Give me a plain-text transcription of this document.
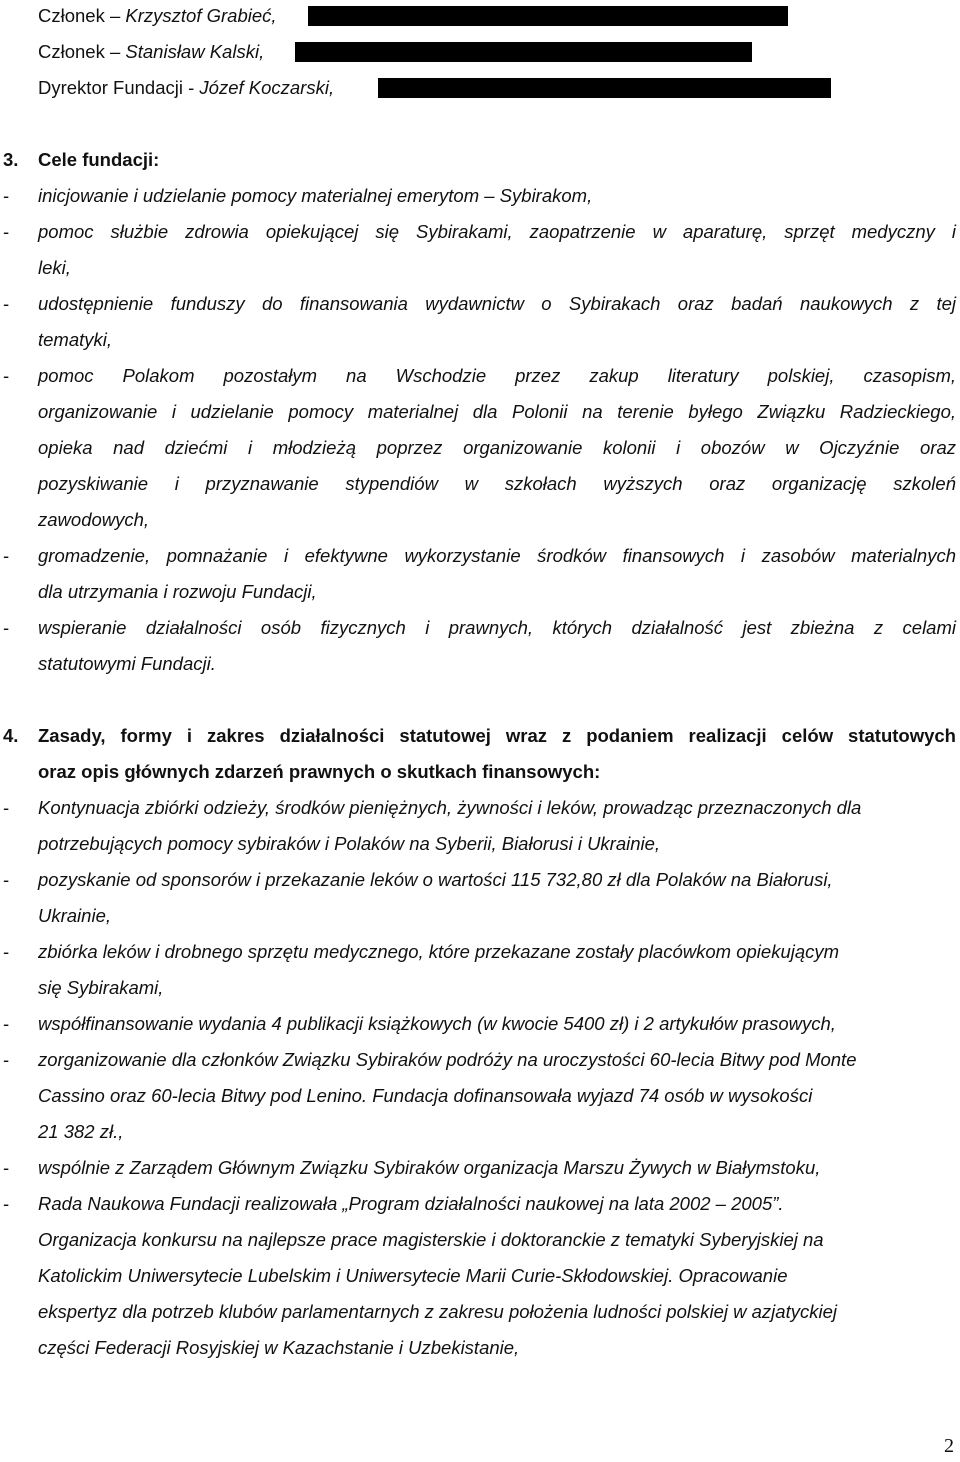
Członek – Krzysztof Grabieć,
Członek – Stanisław Kalski,
Dyrektor Fundacji - Józef Koczarski,
3. Cele fundacji:
- inicjowanie i udzielanie pomocy materialnej emerytom – Sybirakom,
- pomoc służbie zdrowia opiekującej się Sybirakami, zaopatrzenie w aparaturę, sprzęt medyczny i
leki,
- udostępnienie funduszy do finansowania wydawnictw o Sybirakach oraz badań naukowych z tej
tematyki,
- pomoc Polakom pozostałym na Wschodzie przez zakup literatury polskiej, czasopism,
organizowanie i udzielanie pomocy materialnej dla Polonii na terenie byłego Związku Radzieckiego,
opieka nad dziećmi i młodzieżą poprzez organizowanie kolonii i obozów w Ojczyźnie oraz
pozyskiwanie i przyznawanie stypendiów w szkołach wyższych oraz organizację szkoleń
zawodowych,
- gromadzenie, pomnażanie i efektywne wykorzystanie środków finansowych i zasobów materialnych
dla utrzymania i rozwoju Fundacji,
- wspieranie działalności osób fizycznych i prawnych, których działalność jest zbieżna z celami
statutowymi Fundacji.
4. Zasady, formy i zakres działalności statutowej wraz z podaniem realizacji celów statutowych
oraz opis głównych zdarzeń prawnych o skutkach finansowych:
- Kontynuacja zbiórki odzieży, środków pieniężnych, żywności i leków, prowadząc przeznaczonych dla
potrzebujących pomocy sybiraków i Polaków na Syberii, Białorusi i Ukrainie,
- pozyskanie od sponsorów i przekazanie leków o wartości 115 732,80 zł dla Polaków na Białorusi,
Ukrainie,
- zbiórka leków i drobnego sprzętu medycznego, które przekazane zostały placówkom opiekującym
się Sybirakami,
- współfinansowanie wydania 4 publikacji książkowych (w kwocie 5400 zł) i 2 artykułów prasowych,
- zorganizowanie dla członków Związku Sybiraków podróży na uroczystości 60-lecia Bitwy pod Monte
Cassino oraz 60-lecia Bitwy pod Lenino. Fundacja dofinansowała wyjazd 74 osób w wysokości
21 382 zł.,
- wspólnie z Zarządem Głównym Związku Sybiraków organizacja Marszu Żywych w Białymstoku,
- Rada Naukowa Fundacji realizowała „Program działalności naukowej na lata 2002 – 2005”.
Organizacja konkursu na najlepsze prace magisterskie i doktoranckie z tematyki Syberyjskiej na
Katolickim Uniwersytecie Lubelskim i Uniwersytecie Marii Curie-Skłodowskiej. Opracowanie
ekspertyz dla potrzeb klubów parlamentarnych z zakresu położenia ludności polskiej w azjatyckiej
części Federacji Rosyjskiej w Kazachstanie i Uzbekistanie,
2
